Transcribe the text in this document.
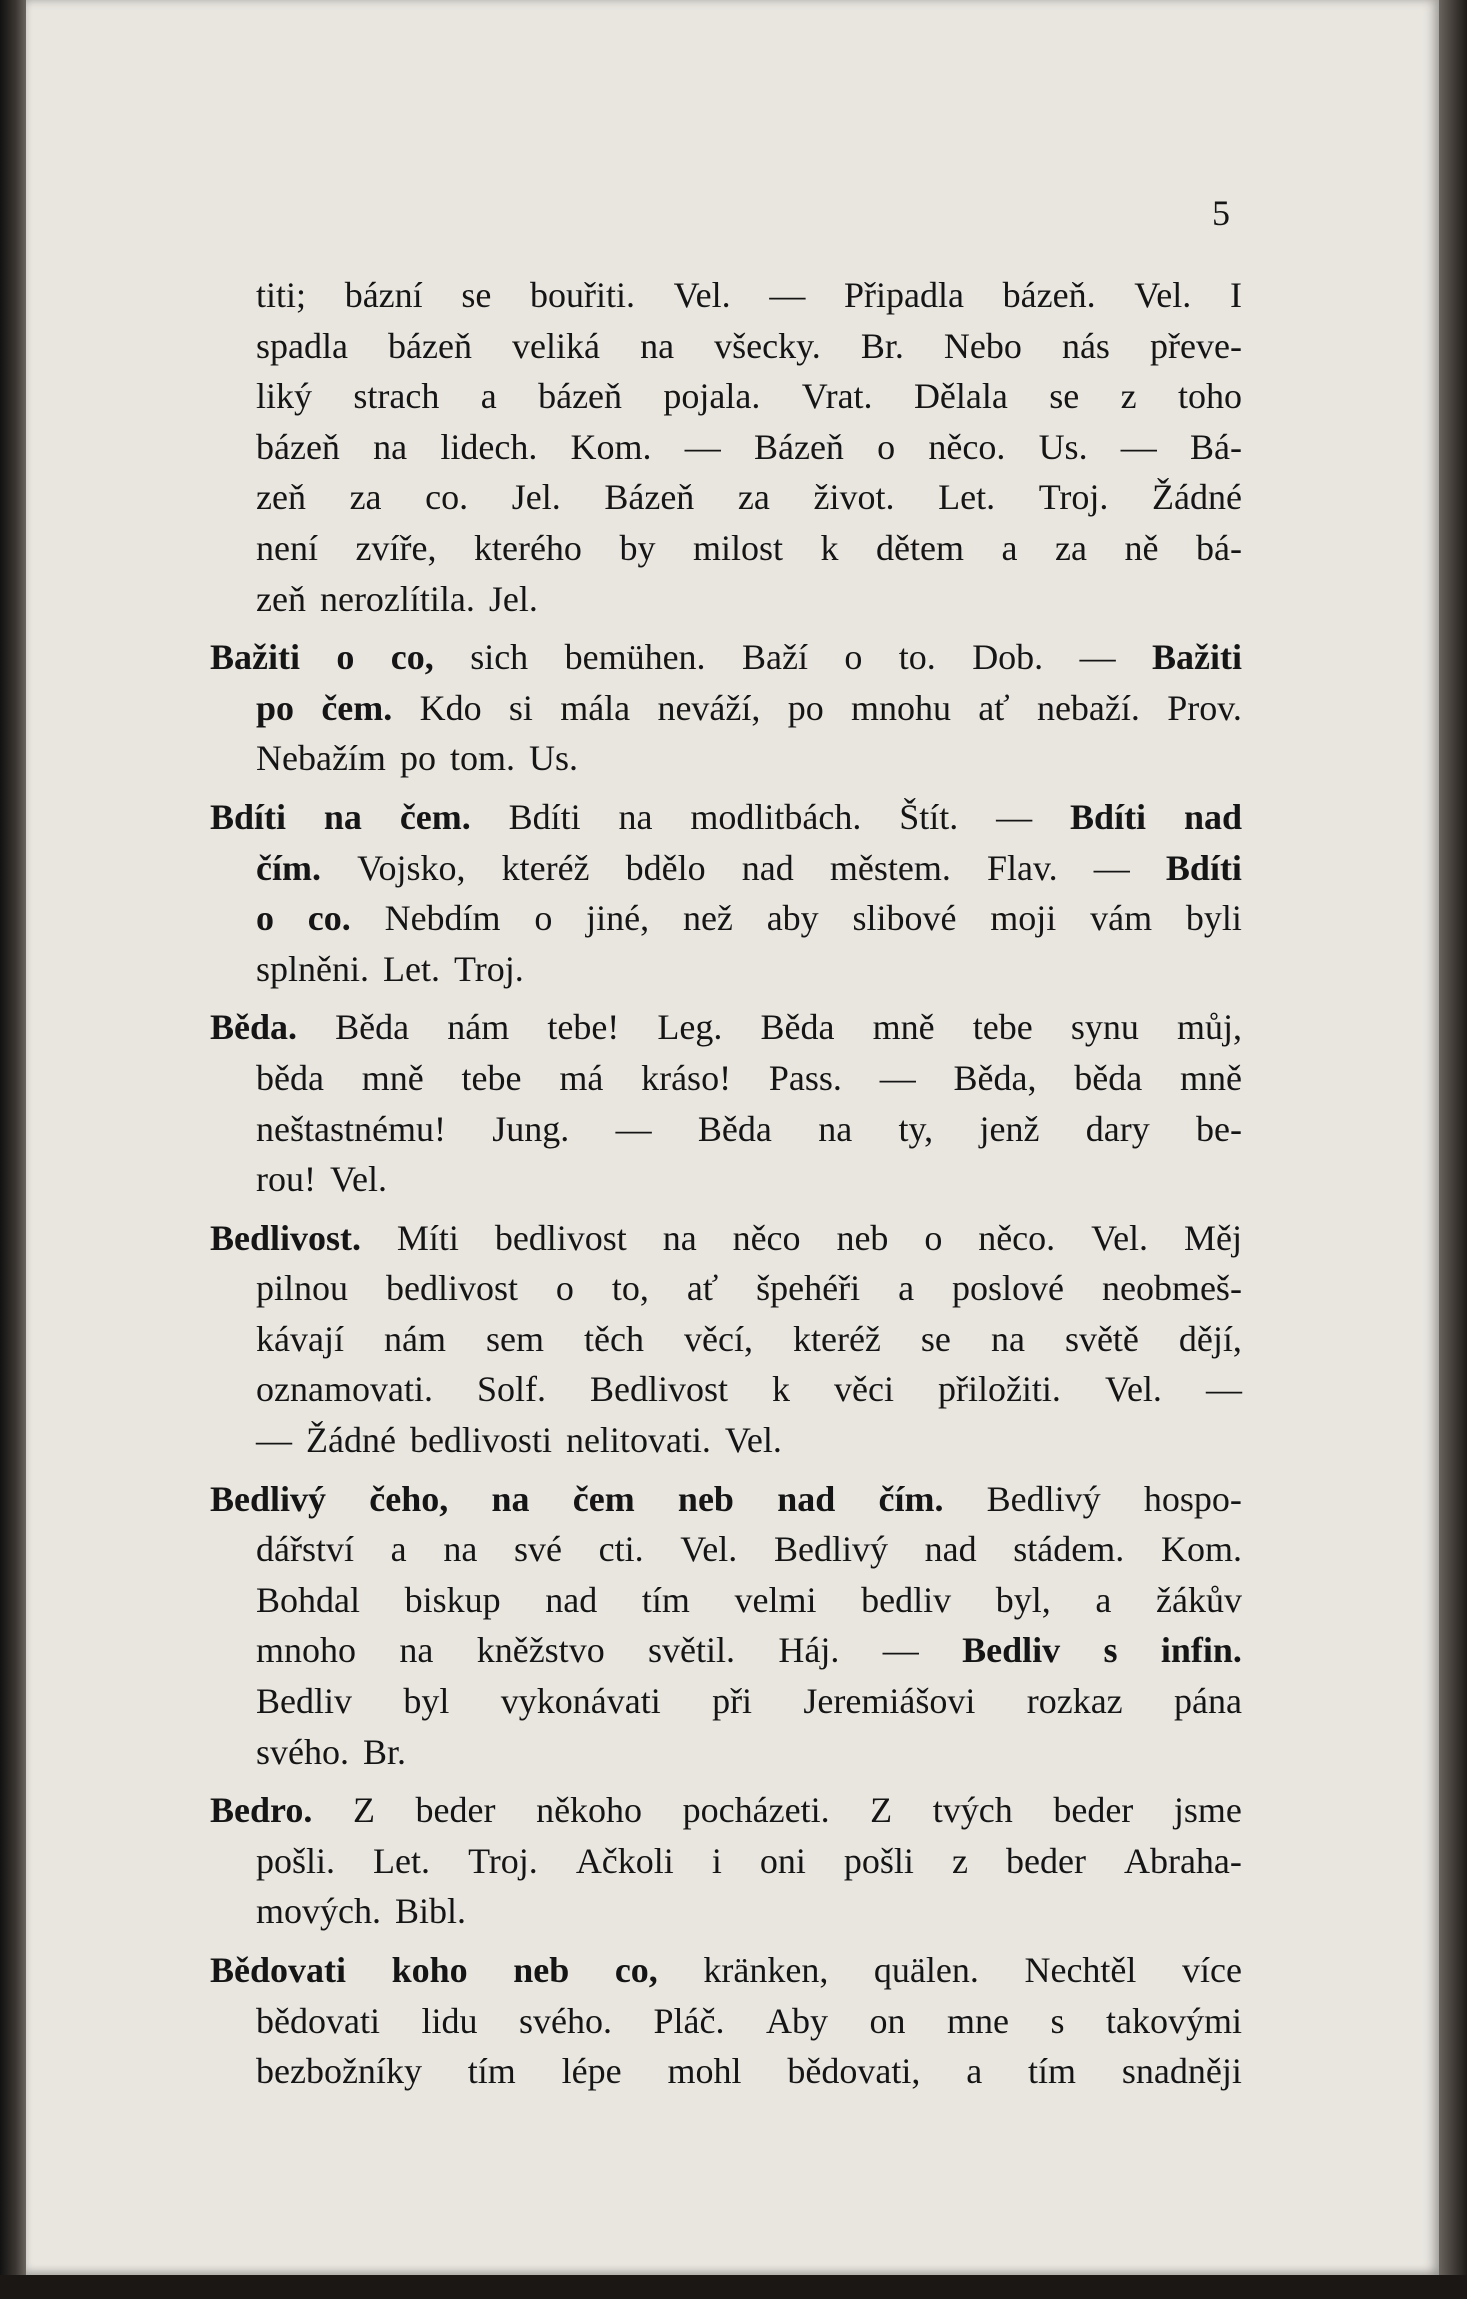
5
titi; bázní se bouřiti. Vel. — Připadla bázeň. Vel. I
spadla bázeň veliká na všecky. Br. Nebo nás převe-
liký strach a bázeň pojala. Vrat. Dělala se z toho
bázeň na lidech. Kom. — Bázeň o něco. Us. — Bá-
zeň za co. Jel. Bázeň za život. Let. Troj. Žádné
není zvíře, kterého by milost k dětem a za ně bá-
zeň nerozlítila. Jel.
Bažiti o co, sich bemühen. Baží o to. Dob. — Bažiti
po čem. Kdo si mála neváží, po mnohu ať nebaží. Prov.
Nebažím po tom. Us.
Bdíti na čem. Bdíti na modlitbách. Štít. — Bdíti nad
čím. Vojsko, kteréž bdělo nad městem. Flav. — Bdíti
o co. Nebdím o jiné, než aby slibové moji vám byli
splněni. Let. Troj.
Běda. Běda nám tebe! Leg. Běda mně tebe synu můj,
běda mně tebe má kráso! Pass. — Běda, běda mně
neštastnému! Jung. — Běda na ty, jenž dary be-
rou! Vel.
Bedlivost. Míti bedlivost na něco neb o něco. Vel. Měj
pilnou bedlivost o to, ať špehéři a poslové neobmeš-
kávají nám sem těch věcí, kteréž se na světě dějí,
oznamovati. Solf. Bedlivost k věci přiložiti. Vel. —
— Žádné bedlivosti nelitovati. Vel.
Bedlivý čeho, na čem neb nad čím. Bedlivý hospo-
dářství a na své cti. Vel. Bedlivý nad stádem. Kom.
Bohdal biskup nad tím velmi bedliv byl, a žákův
mnoho na kněžstvo světil. Háj. — Bedliv s infin.
Bedliv byl vykonávati při Jeremiášovi rozkaz pána
svého. Br.
Bedro. Z beder někoho pocházeti. Z tvých beder jsme
pošli. Let. Troj. Ačkoli i oni pošli z beder Abraha-
mových. Bibl.
Bědovati koho neb co, kränken, quälen. Nechtěl více
bědovati lidu svého. Pláč. Aby on mne s takovými
bezbožníky tím lépe mohl bědovati, a tím snadněji
